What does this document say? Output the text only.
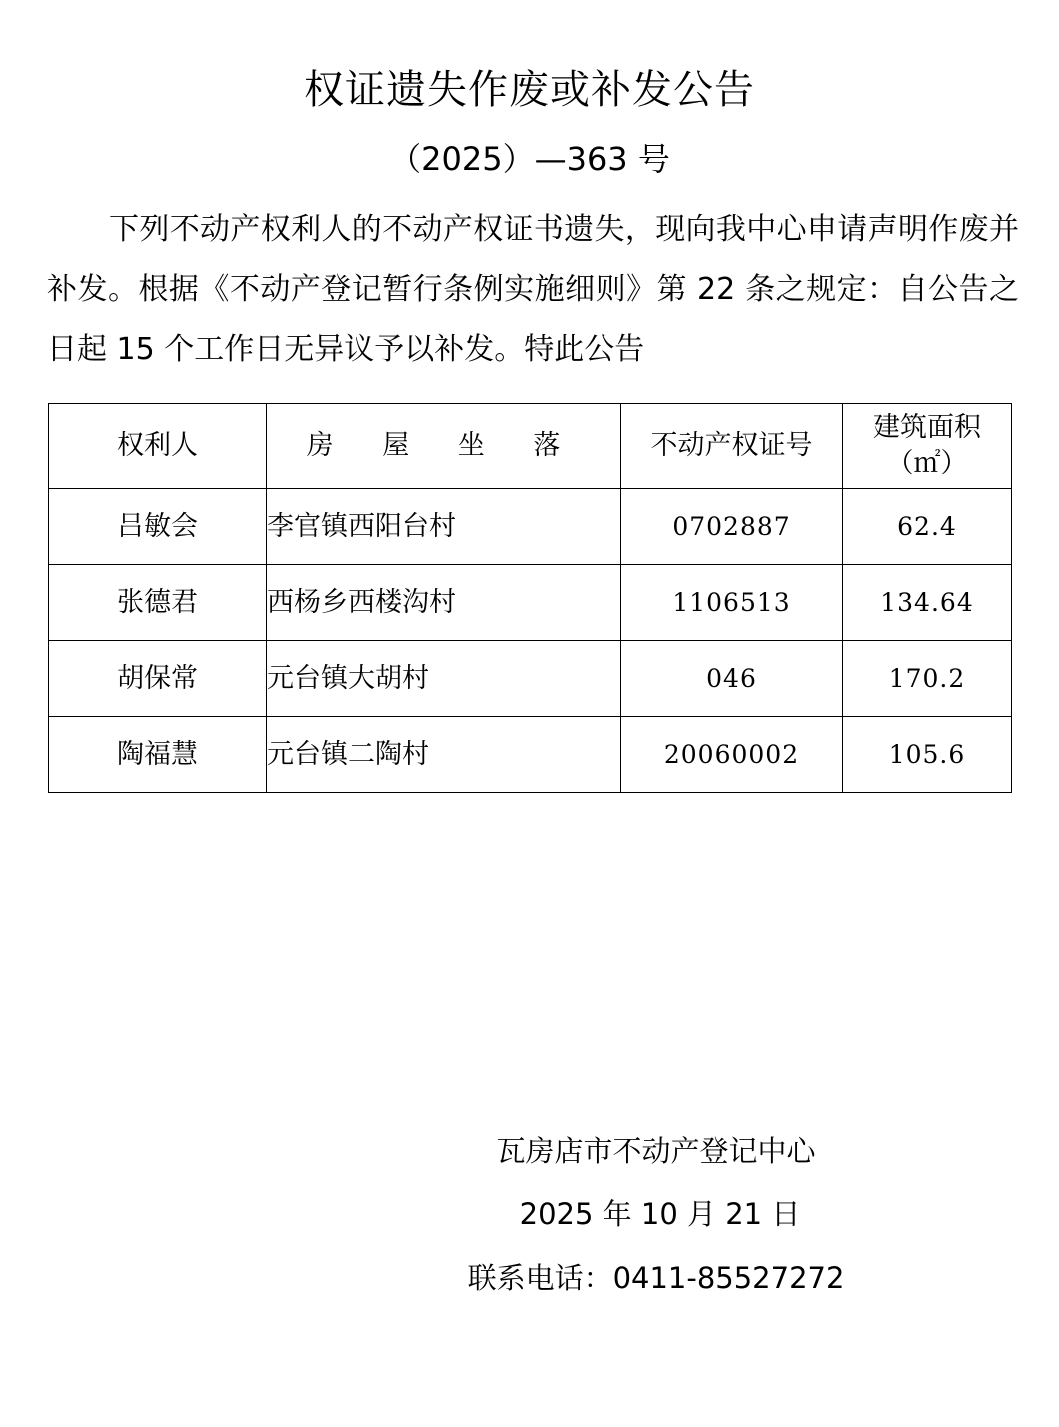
权证遗失作废或补发公告
（2025）—363 号
下列不动产权利人的不动产权证书遗失，现向我中心申请声明作废并补发。根据《不动产登记暂行条例实施细则》第 22 条之规定：自公告之日起 15 个工作日无异议予以补发。特此公告
权利人	房 屋 坐 落	不动产权证号	建筑面积
（㎡）

吕敏会	李官镇西阳台村	0702887	62.4
张德君	西杨乡西楼沟村	1106513	134.64
胡保常	元台镇大胡村	046	170.2
陶福慧	元台镇二陶村	20060002	105.6
瓦房店市不动产登记中心
2025 年 10 月 21 日
联系电话：0411-85527272
